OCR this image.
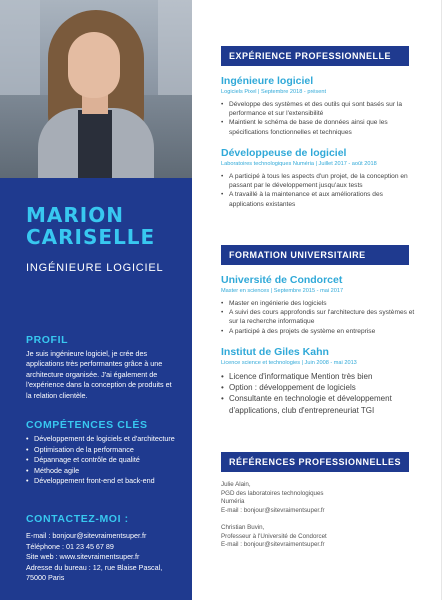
MARION
CARISELLE
INGÉNIEURE LOGICIEL
PROFIL
Je suis ingénieure logiciel, je crée des applications très performantes grâce à une architecture organisée. J'ai également de l'expérience dans la conception de produits et la relation clientèle.
COMPÉTENCES CLÉS
• Développement de logiciels et d'architecture
• Optimisation de la performance
• Dépannage et contrôle de qualité
• Méthode agile
• Développement front-end et back-end
CONTACTEZ-MOI :
E-mail : bonjour@sitevraimentsuper.fr
Téléphone : 01 23 45 67 89
Site web : www.sitevraimentsuper.fr
Adresse du bureau : 12, rue Blaise Pascal,
75000 Paris
EXPÉRIENCE PROFESSIONNELLE
Ingénieure logiciel
Logiciels Pixel | Septembre 2018 - présent
• Développe des systèmes et des outils qui sont basés sur la performance et sur l'extensibilité
• Maintient le schéma de base de données ainsi que les spécifications fonctionnelles et techniques
Développeuse de logiciel
Laboratoires technologiques Numéria | Juillet 2017 - août 2018
• A participé à tous les aspects d'un projet, de la conception en passant par le développement jusqu'aux tests
• A travaillé à la maintenance et aux améliorations des applications existantes
FORMATION UNIVERSITAIRE
Université de Condorcet
Master en sciences | Septembre 2015 - mai 2017
• Master en ingénierie des logiciels
• A suivi des cours approfondis sur l'architecture des systèmes et sur la recherche informatique
• A participé à des projets de système en entreprise
Institut de Giles Kahn
Licence science et technologies | Juin 2008 - mai 2013
• Licence d'informatique Mention très bien
• Option : développement de logiciels
• Consultante en technologie et développement d'applications, club d'entrepreneuriat TGI
RÉFÉRENCES PROFESSIONNELLES
Julie Alain,
PGD des laboratoires technologiques
Numéria
E-mail : bonjour@sitevraimentsuper.fr
Christian Buvin,
Professeur à l'Université de Condorcet
E-mail : bonjour@sitevraimentsuper.fr
